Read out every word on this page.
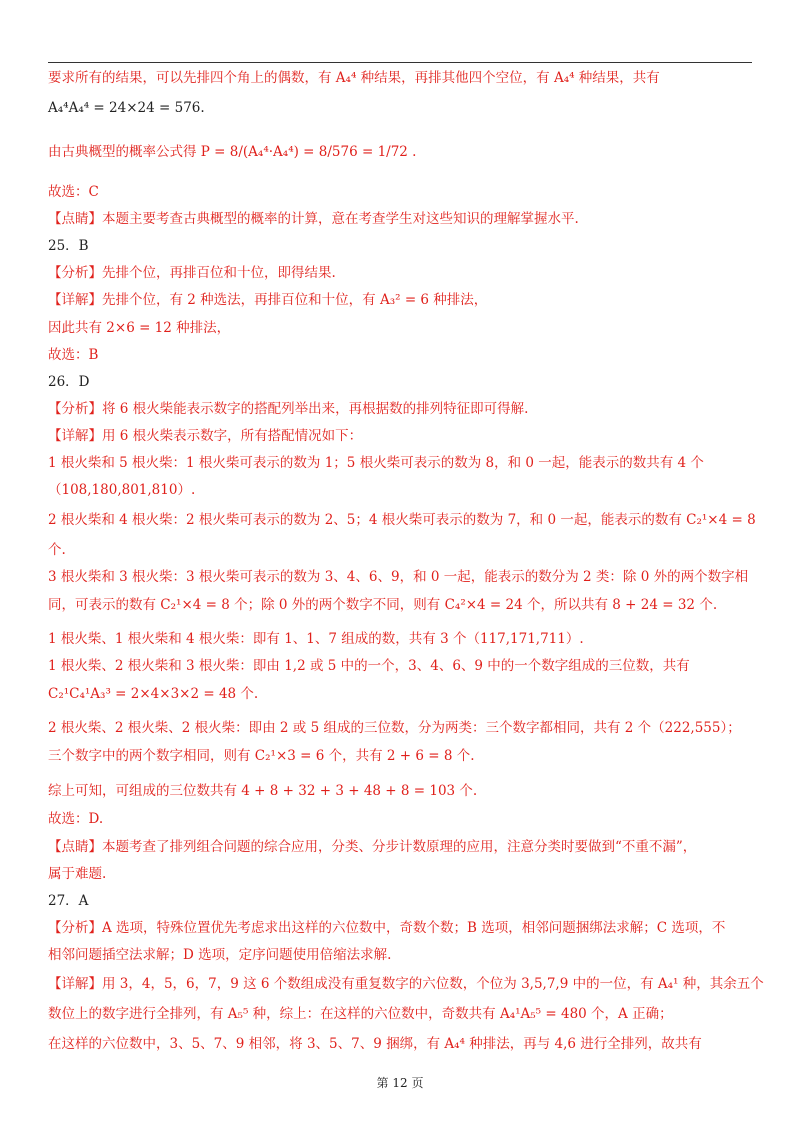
要求所有的结果，可以先排四个角上的偶数，有 A₄⁴ 种结果，再排其他四个空位，有 A₄⁴ 种结果，共有

A₄⁴A₄⁴ = 24×24 = 576.

由古典概型的概率公式得 P = 8/(A₄⁴·A₄⁴) = 8/576 = 1/72 .

故选：C

【点睛】本题主要考查古典概型的概率的计算，意在考查学生对这些知识的理解掌握水平.

25．B

【分析】先排个位，再排百位和十位，即得结果.

【详解】先排个位，有 2 种选法，再排百位和十位，有 A₃² = 6 种排法，

因此共有 2×6 = 12 种排法，

故选：B

26．D

【分析】将 6 根火柴能表示数字的搭配列举出来，再根据数的排列特征即可得解.

【详解】用 6 根火柴表示数字，所有搭配情况如下：

1 根火柴和 5 根火柴：1 根火柴可表示的数为 1；5 根火柴可表示的数为 8，和 0 一起，能表示的数共有 4 个

（108,180,801,810）.

2 根火柴和 4 根火柴：2 根火柴可表示的数为 2、5；4 根火柴可表示的数为 7，和 0 一起，能表示的数有 C₂¹×4 = 8

个.

3 根火柴和 3 根火柴：3 根火柴可表示的数为 3、4、6、9，和 0 一起，能表示的数分为 2 类：除 0 外的两个数字相

同，可表示的数有 C₂¹×4 = 8 个；除 0 外的两个数字不同，则有 C₄²×4 = 24 个，所以共有 8 + 24 = 32 个.

1 根火柴、1 根火柴和 4 根火柴：即有 1、1、7 组成的数，共有 3 个（117,171,711）.

1 根火柴、2 根火柴和 3 根火柴：即由 1,2 或 5 中的一个，3、4、6、9 中的一个数字组成的三位数，共有

C₂¹C₄¹A₃³ = 2×4×3×2 = 48 个.

2 根火柴、2 根火柴、2 根火柴：即由 2 或 5 组成的三位数，分为两类：三个数字都相同，共有 2 个（222,555）；

三个数字中的两个数字相同，则有 C₂¹×3 = 6 个，共有 2 + 6 = 8 个.

综上可知，可组成的三位数共有 4 + 8 + 32 + 3 + 48 + 8 = 103 个.

故选：D.

【点睛】本题考查了排列组合问题的综合应用，分类、分步计数原理的应用，注意分类时要做到“不重不漏”，

属于难题.

27．A

【分析】A 选项，特殊位置优先考虑求出这样的六位数中，奇数个数；B 选项，相邻问题捆绑法求解；C 选项，不

相邻问题插空法求解；D 选项，定序问题使用倍缩法求解.

【详解】用 3，4，5，6，7，9 这 6 个数组成没有重复数字的六位数，个位为 3,5,7,9 中的一位，有 A₄¹ 种，其余五个

数位上的数字进行全排列，有 A₅⁵ 种，综上：在这样的六位数中，奇数共有 A₄¹A₅⁵ = 480 个，A 正确；

在这样的六位数中，3、5、7、9 相邻，将 3、5、7、9 捆绑，有 A₄⁴ 种排法，再与 4,6 进行全排列，故共有

第 12 页
